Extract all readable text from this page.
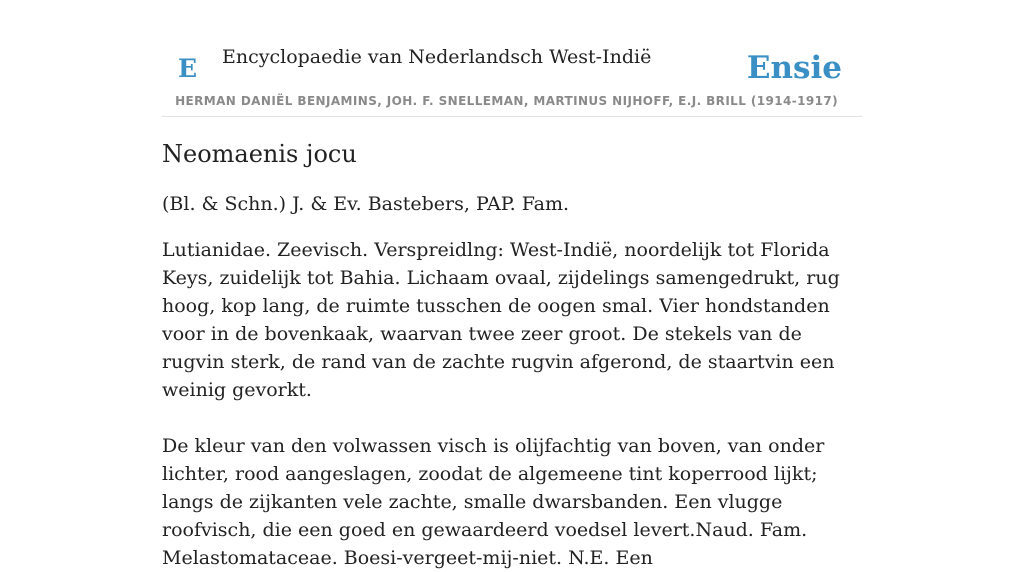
E Encyclopaedie van Nederlandsch West-Indië	Ensie
HERMAN DANIËL BENJAMINS, JOH. F. SNELLEMAN, MARTINUS NIJHOFF, E.J. BRILL (1914-1917)
Neomaenis jocu

(Bl. & Schn.) J. & Ev. Bastebers, PAP. Fam.

Lutianidae. Zeevisch. Verspreidlng: West-Indië, noordelijk tot Florida Keys, zuidelijk tot Bahia. Lichaam ovaal, zijdelings samengedrukt, rug hoog, kop lang, de ruimte tusschen de oogen smal. Vier hondstanden voor in de bovenkaak, waarvan twee zeer groot. De stekels van de rugvin sterk, de rand van de zachte rugvin afgerond, de staartvin een weinig gevorkt.

De kleur van den volwassen visch is olijfachtig van boven, van onder lichter, rood aangeslagen, zoodat de algemeene tint koperrood lijkt; langs de zijkanten vele zachte, smalle dwarsbanden. Een vlugge roofvisch, die een goed en gewaardeerd voedsel levert.Naud. Fam. Melastomataceae. Boesi-vergeet-mij-niet. N.E. Een
